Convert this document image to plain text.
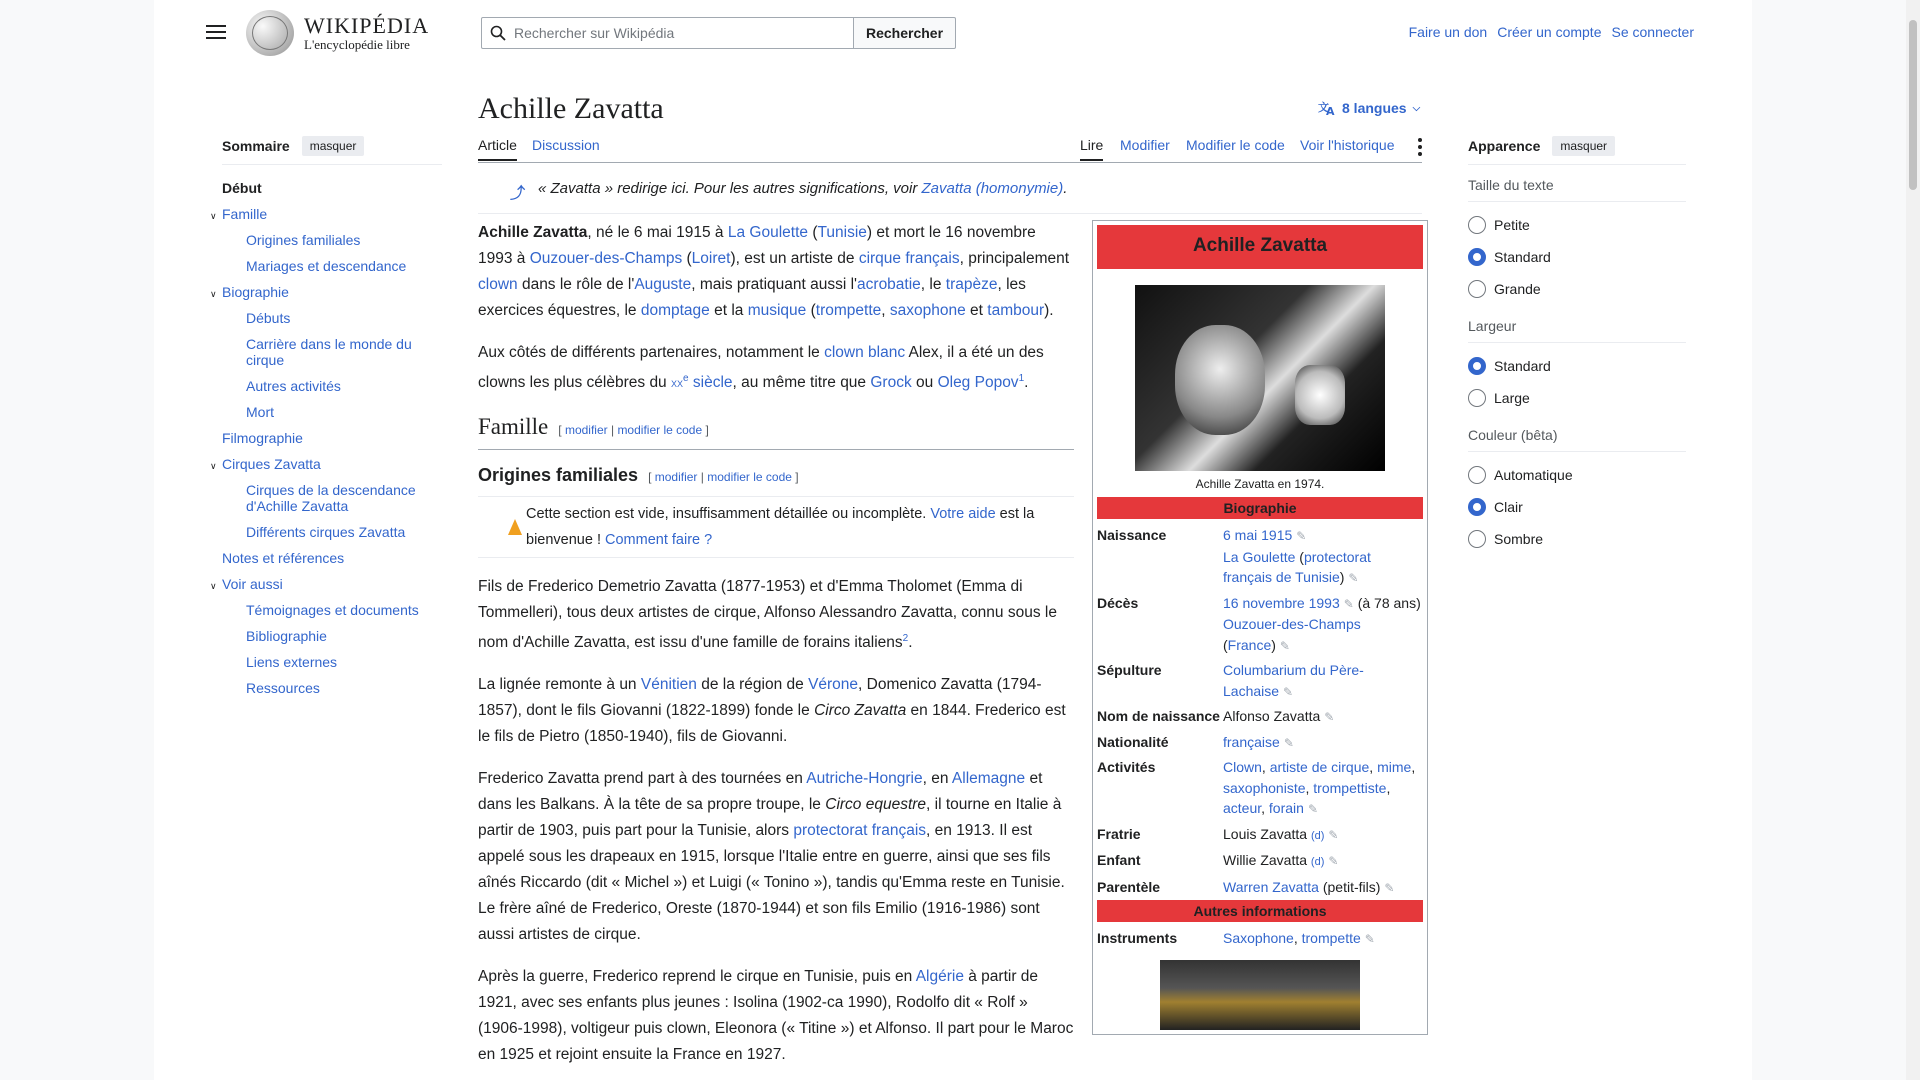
WIKIPÉDIA
L'encyclopédie libre
Rechercher sur Wikipédia
Rechercher	Faire un don Créer un compte Se connecter
Sommaire	masquer
Début
∨ Famille
Origines familiales
Mariages et descendance
∨ Biographie
Débuts
Carrière dans le monde du cirque
Autres activités
Mort
Filmographie
∨ Cirques Zavatta
Cirques de la descendance d'Achille Zavatta
Différents cirques Zavatta
Notes et références
∨ Voir aussi
Témoignages et documents
Bibliographie
Liens externes
Ressources
Achille Zavatta	文
A 8 langues ⌵
Article Discussion	Lire Modifier Modifier le code Voir l'historique
⤴ « Zavatta » redirige ici. Pour les autres significations, voir Zavatta (homonymie).

Achille Zavatta, né le 6 mai 1915 à La Goulette (Tunisie) et mort le 16 novembre 1993 à Ouzouer-des-Champs (Loiret), est un artiste de cirque français, principalement clown dans le rôle de l'Auguste, mais pratiquant aussi l'acrobatie, le trapèze, les exercices équestres, le domptage et la musique (trompette, saxophone et tambour).

Aux côtés de différents partenaires, notamment le clown blanc Alex, il a été un des clowns les plus célèbres du $xx^e$ siècle, au même titre que Grock ou Oleg Popov$^1$.

Famille [ modifier | modifier le code ]
Origines familiales [ modifier | modifier le code ]
Cette section est vide, insuffisamment détaillée ou incomplète. Votre aide est la bienvenue ! Comment faire ?

Fils de Frederico Demetrio Zavatta (1877-1953) et d'Emma Tholomet (Emma di Tommelleri), tous deux artistes de cirque, Alfonso Alessandro Zavatta, connu sous le nom d'Achille Zavatta, est issu d'une famille de forains italiens$^2$.

La lignée remonte à un Vénitien de la région de Vérone, Domenico Zavatta (1794-1857), dont le fils Giovanni (1822-1899) fonde le Circo Zavatta en 1844. Frederico est le fils de Pietro (1850-1940), fils de Giovanni.

Frederico Zavatta prend part à des tournées en Autriche-Hongrie, en Allemagne et dans les Balkans. À la tête de sa propre troupe, le Circo equestre, il tourne en Italie à partir de 1903, puis part pour la Tunisie, alors protectorat français, en 1913. Il est appelé sous les drapeaux en 1915, lorsque l'Italie entre en guerre, ainsi que ses fils aînés Riccardo (dit « Michel ») et Luigi (« Tonino »), tandis qu'Emma reste en Tunisie. Le frère aîné de Frederico, Oreste (1870-1944) et son fils Emilio (1916-1986) sont aussi artistes de cirque.

Après la guerre, Frederico reprend le cirque en Tunisie, puis en Algérie à partir de 1921, avec ses enfants plus jeunes : Isolina (1902-ca 1990), Rodolfo dit « Rolf » (1906-1998), voltigeur puis clown, Eleonora (« Titine ») et Alfonso. Il part pour le Maroc en 1925 et rejoint ensuite la France en 1927.

Achille Zavatta
Achille Zavatta en 1974.
Biographie
Naissance	6 mai 1915 ✎
La Goulette (protectorat français de Tunisie) ✎
Décès	16 novembre 1993 ✎ (à 78 ans)
Ouzouer-des-Champs
(France) ✎
Sépulture	Columbarium du Père-Lachaise ✎
Nom de naissance	Alfonso Zavatta ✎
Nationalité	française ✎
Activités	Clown, artiste de cirque, mime, saxophoniste, trompettiste, acteur, forain ✎
Fratrie	Louis Zavatta (d) ✎
Enfant	Willie Zavatta (d) ✎
Parentèle	Warren Zavatta (petit-fils) ✎
Autres informations
Instruments	Saxophone, trompette ✎
Apparence	masquer
Taille du texte
Petite
Standard
Grande
Largeur
Standard
Large
Couleur (bêta)
Automatique
Clair
Sombre
